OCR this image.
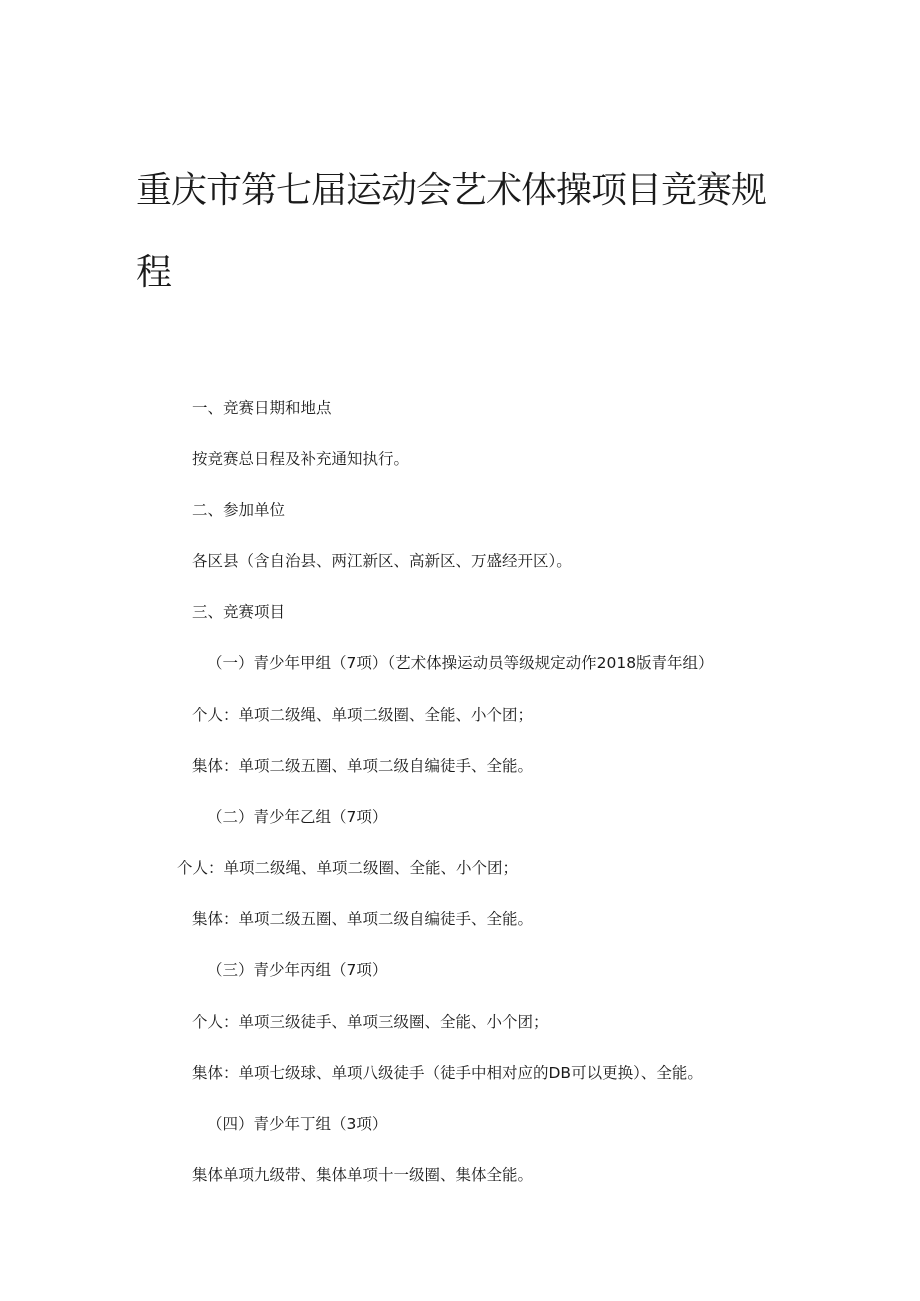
重庆市第七届运动会艺术体操项目竞赛规程

一、竞赛日期和地点

按竞赛总日程及补充通知执行。

二、参加单位

各区县（含自治县、两江新区、高新区、万盛经开区）。

三、竞赛项目

（一）青少年甲组（7项）（艺术体操运动员等级规定动作2018版青年组）

个人：单项二级绳、单项二级圈、全能、小个团；

集体：单项二级五圈、单项二级自编徒手、全能。

（二）青少年乙组（7项）

个人：单项二级绳、单项二级圈、全能、小个团；

集体：单项二级五圈、单项二级自编徒手、全能。

（三）青少年丙组（7项）

个人：单项三级徒手、单项三级圈、全能、小个团；

集体：单项七级球、单项八级徒手（徒手中相对应的DB可以更换）、全能。

（四）青少年丁组（3项）

集体单项九级带、集体单项十一级圈、集体全能。
